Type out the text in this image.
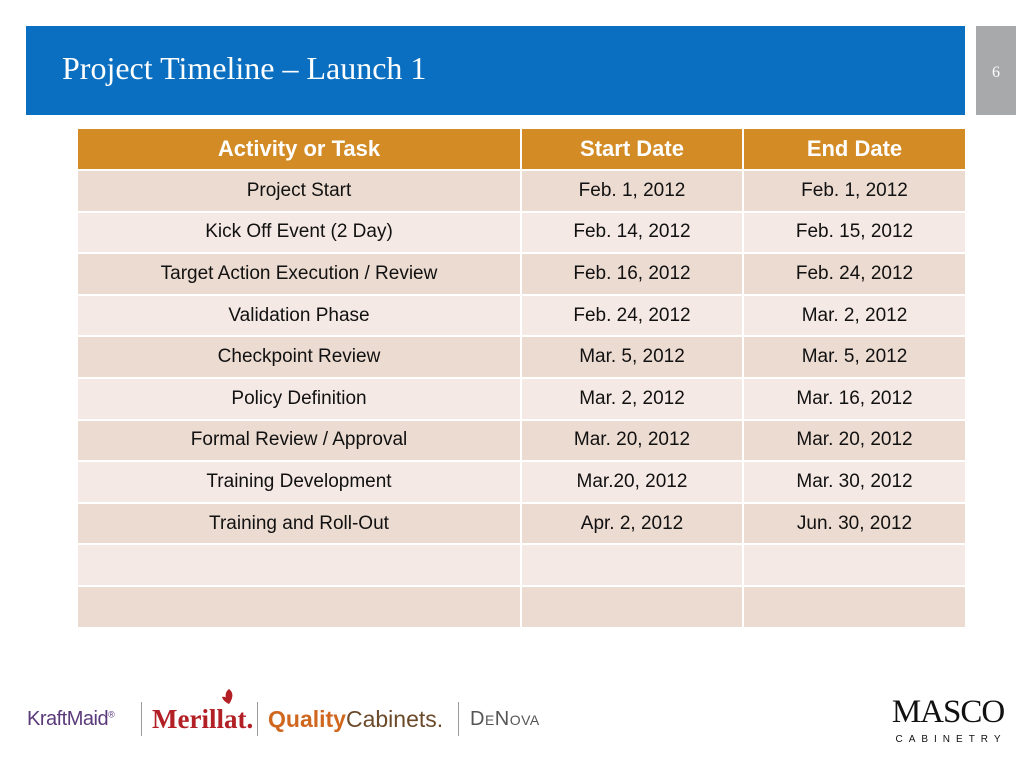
Project Timeline – Launch 1	6
Activity or Task	Start Date	End Date
Project Start	Feb. 1, 2012	Feb. 1, 2012
Kick Off Event (2 Day)	Feb. 14, 2012	Feb. 15, 2012
Target Action Execution / Review	Feb. 16, 2012	Feb. 24, 2012
Validation Phase	Feb. 24, 2012	Mar. 2, 2012
Checkpoint Review	Mar. 5, 2012	Mar. 5, 2012
Policy Definition	Mar. 2, 2012	Mar. 16, 2012
Formal Review / Approval	Mar. 20, 2012	Mar. 20, 2012
Training Development	Mar.20, 2012	Mar. 30, 2012
Training and Roll-Out	Apr. 2, 2012	Jun. 30, 2012

KraftMaid® Merillat. QualityCabinets. DeNova	MASCO
CABINETRY
